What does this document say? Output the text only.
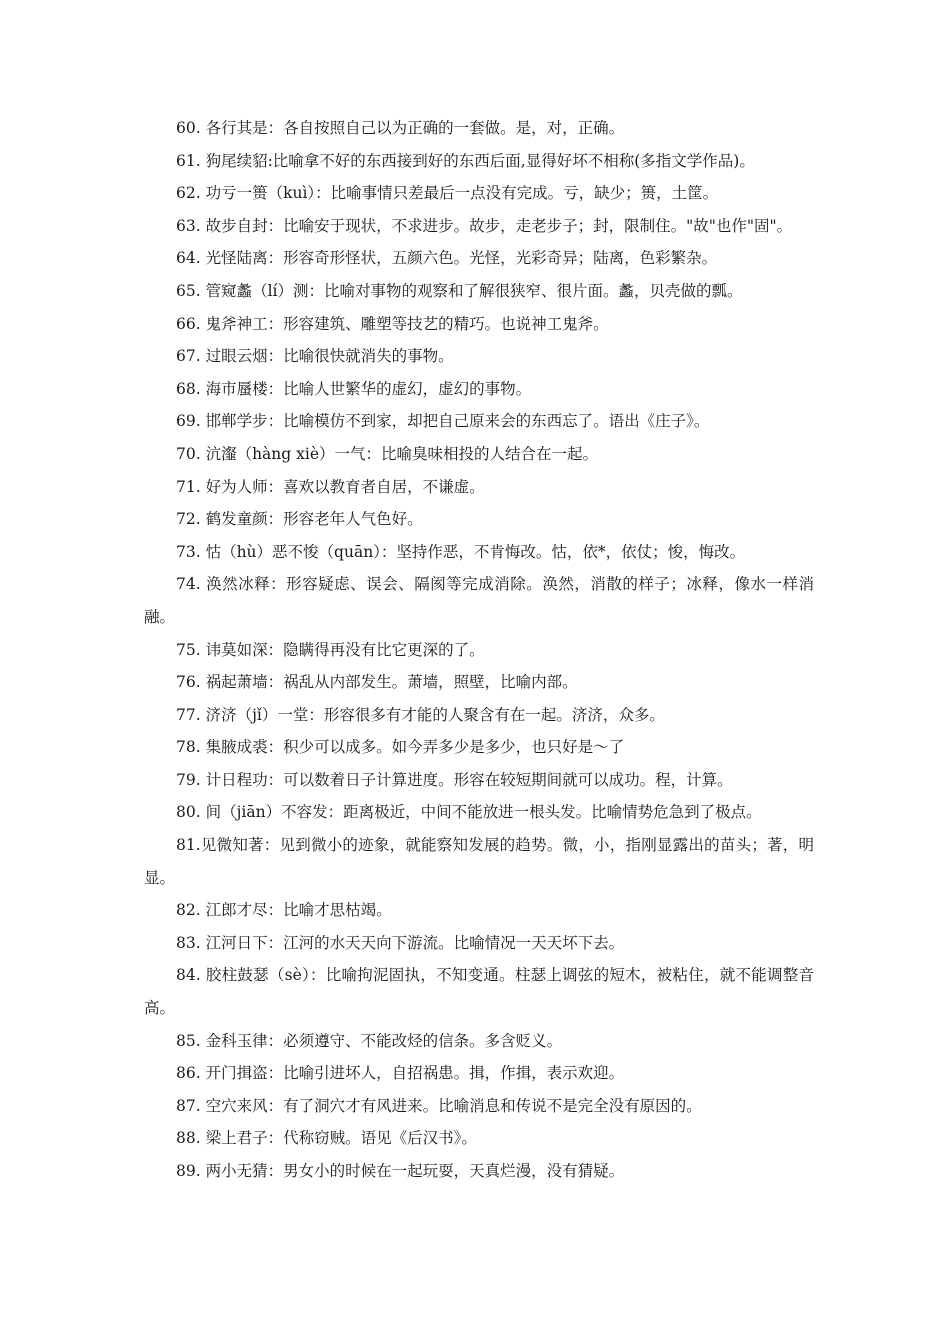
60. 各行其是：各自按照自己以为正确的一套做。是，对，正确。

61. 狗尾续貂:比喻拿不好的东西接到好的东西后面,显得好坏不相称(多指文学作品)。

62. 功亏一篑（kuì）：比喻事情只差最后一点没有完成。亏，缺少；篑，土筐。

63. 故步自封：比喻安于现状，不求进步。故步，走老步子；封，限制住。"故"也作"固"。

64. 光怪陆离：形容奇形怪状，五颜六色。光怪，光彩奇异；陆离，色彩繁杂。

65. 管窥蠡（lí）测：比喻对事物的观察和了解很狭窄、很片面。蠡，贝壳做的瓢。

66. 鬼斧神工：形容建筑、雕塑等技艺的精巧。也说神工鬼斧。

67. 过眼云烟：比喻很快就消失的事物。

68. 海市蜃楼：比喻人世繁华的虚幻，虚幻的事物。

69. 邯郸学步：比喻模仿不到家，却把自己原来会的东西忘了。语出《庄子》。

70. 沆瀣（hàng xiè）一气：比喻臭味相投的人结合在一起。

71. 好为人师：喜欢以教育者自居，不谦虚。

72. 鹤发童颜：形容老年人气色好。

73. 怙（hù）恶不悛（quān）：坚持作恶，不肯悔改。怙，依*，依仗；悛，悔改。

74. 涣然冰释：形容疑虑、误会、隔阂等完成消除。涣然，消散的样子；冰释，像水一样消融。

75. 讳莫如深：隐瞒得再没有比它更深的了。

76. 祸起萧墙：祸乱从内部发生。萧墙，照壁，比喻内部。

77. 济济（jǐ）一堂：形容很多有才能的人聚含有在一起。济济，众多。

78. 集腋成裘：积少可以成多。如今弄多少是多少，也只好是～了

79. 计日程功：可以数着日子计算进度。形容在较短期间就可以成功。程，计算。

80. 间（jiān）不容发：距离极近，中间不能放进一根头发。比喻情势危急到了极点。

81.见微知著：见到微小的迹象，就能察知发展的趋势。微，小，指刚显露出的苗头；著，明显。

82. 江郎才尽：比喻才思枯竭。

83. 江河日下：江河的水天天向下游流。比喻情况一天天坏下去。

84. 胶柱鼓瑟（sè）：比喻拘泥固执，不知变通。柱瑟上调弦的短木，被粘住，就不能调整音高。

85. 金科玉律：必须遵守、不能改烃的信条。多含贬义。

86. 开门揖盗：比喻引进坏人，自招祸患。揖，作揖，表示欢迎。

87. 空穴来风：有了洞穴才有风进来。比喻消息和传说不是完全没有原因的。

88. 梁上君子：代称窃贼。语见《后汉书》。

89. 两小无猜：男女小的时候在一起玩耍，天真烂漫，没有猜疑。
